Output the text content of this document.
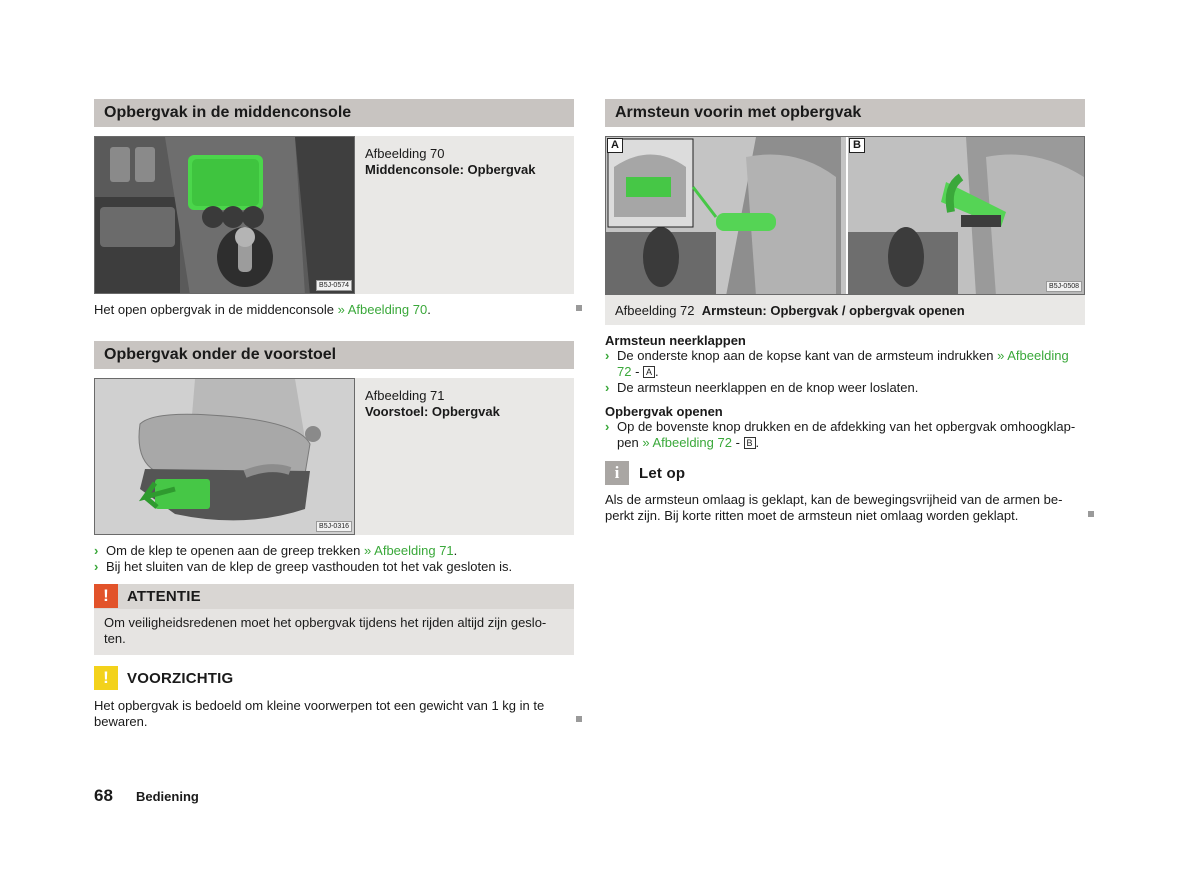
Opbergvak in de middenconsole
B5J-0574
Afbeelding 70
Middenconsole: Opbergvak
Het open opbergvak in de middenconsole » Afbeelding 70.
Opbergvak onder de voorstoel
B5J-0316
Afbeelding 71
Voorstoel: Opbergvak
› Om de klep te openen aan de greep trekken » Afbeelding 71.
› Bij het sluiten van de klep de greep vasthouden tot het vak gesloten is.
!	ATTENTIE
Om veiligheidsredenen moet het opbergvak tijdens het rijden altijd zijn geslo-
ten.
!	VOORZICHTIG
Het opbergvak is bedoeld om kleine voorwerpen tot een gewicht van 1 kg in te
bewaren.
Armsteun voorin met opbergvak
A	B
B5J-0508
Afbeelding 72 Armsteun: Opbergvak / opbergvak openen
Armsteun neerklappen
› De onderste knop aan de kopse kant van de armsteum indrukken » Afbeelding
72 - A .
› De armsteun neerklappen en de knop weer loslaten.
Opbergvak openen
› Op de bovenste knop drukken en de afdekking van het opbergvak omhoogklap-
pen » Afbeelding 72 - B .
i	Let op
Als de armsteun omlaag is geklapt, kan de bewegingsvrijheid van de armen be-
perkt zijn. Bij korte ritten moet de armsteun niet omlaag worden geklapt.
68 Bediening
